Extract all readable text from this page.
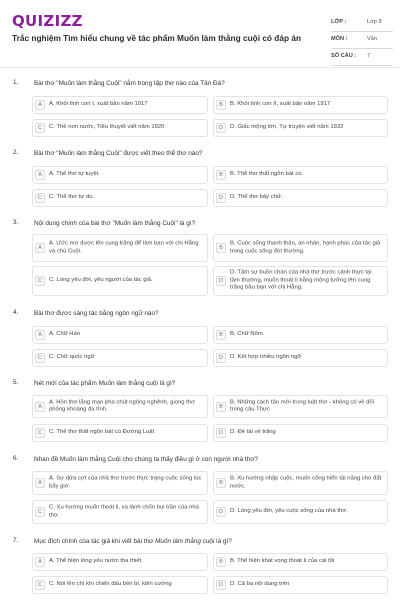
QUIZIZZ
Trắc nghiệm Tìm hiểu chung về tác phẩm Muốn làm thằng cuội có đáp án
LỚP :	Lớp 8
MÔN :	Văn
SỐ CÂU : 7
1. Bài thơ "Muốn làm thằng Cuội" nằm trong tập thơ nào của Tản Đà?
A	A. Khối tình con I, xuất bản năm 1917	B	B. Khối tình con II, xuất bản năm 1917
C	C. Thề non nước, Tiểu thuyết viết năm 1920	D	D. Giấc mộng lớn, Tự truyện viết năm 1932
2. Bài thơ "Muốn làm thằng Cuội" được viết theo thể thơ nào?
A	A. Thể thơ tự tuyệt.	B	B. Thể thơ thất ngôn bát cú.
C	C. Thể thơ tự do.	D	D. Thể thơ bảy chữ.
3. Nội dung chính của bài thơ "Muốn làm thằng Cuội" là gì?
A
A. Ước mơ được lên cung trăng để làm bạn với chị Hằng và chú Cuội.	B
B. Cuộc sống thanh thản, an nhàn, hạnh phúc của tác giả trong cuộc sống đời thường.
C	C. Lòng yêu đời, yêu người của tác giả.	D
D. Tâm sự buồn chán của nhà thơ trước cảnh thực tại tầm thường, muốn thoát li bằng mộng tưởng lên cung trăng bầu bạn với chị Hằng.
4. Bài thơ được sáng tác bằng ngôn ngữ nào?
A	A. Chữ Hán	B	B. Chữ Nôm
C	C. Chữ quốc ngữ	D	D. Kết hợp nhiều ngôn ngữ
5. Nét mới của tác phẩm Muốn làm thằng cuội là gì?
A
A. Hồn thơ lãng mạn pha chút ngông nghênh, giọng thơ phóng khoáng đa tình.	B
B. Những cách tân mới trong luật thơ - không có về đối trong câu Thực
C	C. Thể thơ thất ngôn bát cú Đường Luật	D	D. Đề tài về trăng
6. Nhan đề Muốn làm thằng Cuội cho chúng ta thấy điều gì ở con người nhà thơ?
A
A. Sự dửa cợt của nhà thơ trước thực trạng cuộc sống lúc bấy giờ.	B
B. Xu hướng nhập cuộc, muốn cống hiến tài năng cho đất nước.
C
C. Xu hướng muốn thoát li, xa lánh chốn bụi trần của nhà thơ.	D	D. Lòng yêu đời, yêu cuộc sống của nhà thơ.
7. Mục đích chính của tác giả khi viết bài thơ Muốn làm thằng cuội là gì?
A	A. Thể hiện lòng yêu nước tha thiết	B	B. Thể hiện khát vọng thoát li của cái tôi
C	C. Nói lên chí khí chiến đấu bền bỉ, kiên cường	D	D. Cả ba nội dung trên
